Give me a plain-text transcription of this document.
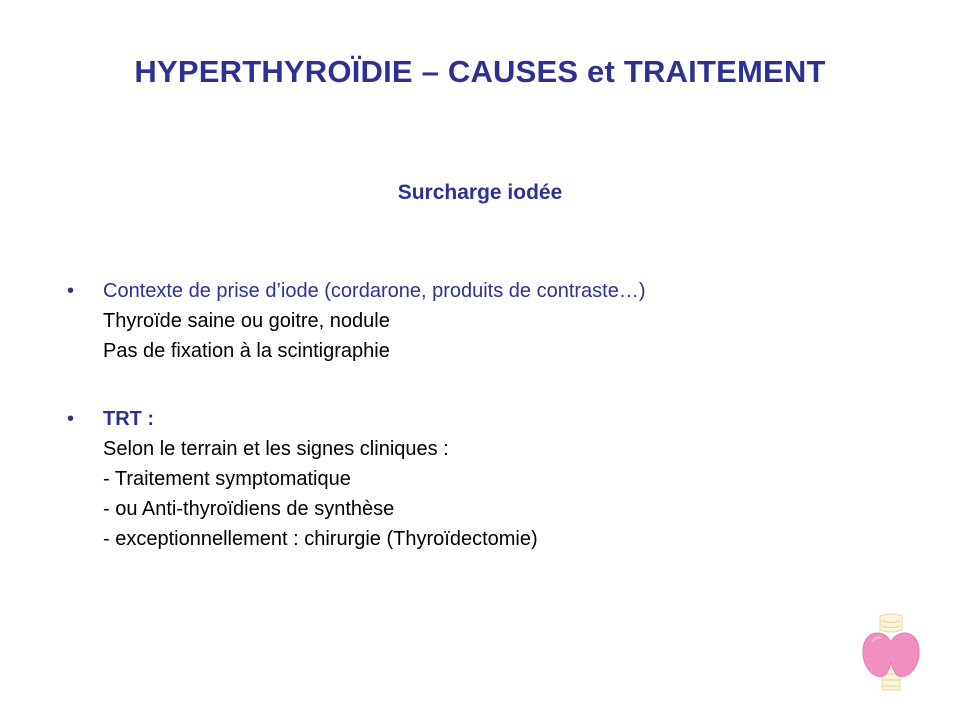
HYPERTHYROÏDIE – CAUSES et TRAITEMENT
Surcharge iodée
• Contexte de prise d’iode (cordarone, produits de contraste…)
Thyroïde saine ou goitre, nodule
Pas de fixation à la scintigraphie
• TRT :
Selon le terrain et les signes cliniques :
- Traitement symptomatique
- ou Anti-thyroïdiens de synthèse
- exceptionnellement : chirurgie (Thyroïdectomie)
